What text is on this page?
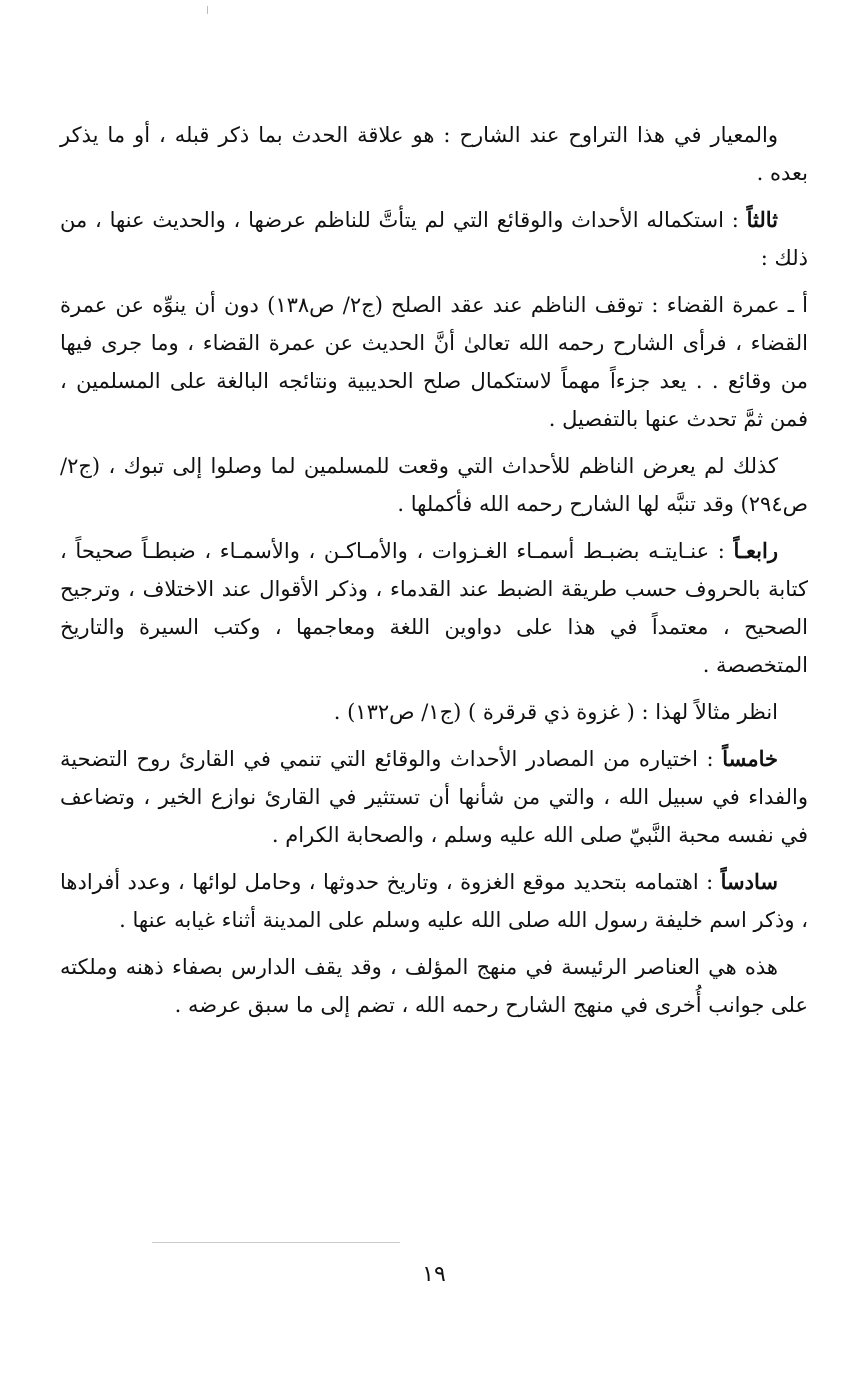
والمعيار في هذا التراوح عند الشارح : هو علاقة الحدث بما ذكر قبله ، أو ما يذكر بعده .

ثالثاً : استكماله الأحداث والوقائع التي لم يتأتَّ للناظم عرضها ، والحديث عنها ، من ذلك :

أ ـ عمرة القضاء : توقف الناظم عند عقد الصلح (ج٢/ ص١٣٨) دون أن ينوِّه عن عمرة القضاء ، فرأى الشارح رحمه الله تعالىٰ أنَّ الحديث عن عمرة القضاء ، وما جرى فيها من وقائع . . يعد جزءاً مهماً لاستكمال صلح الحديبية ونتائجه البالغة على المسلمين ، فمن ثمَّ تحدث عنها بالتفصيل .

كذلك لم يعرض الناظم للأحداث التي وقعت للمسلمين لما وصلوا إلى تبوك ، (ج٢/ ص٢٩٤) وقد تنبَّه لها الشارح رحمه الله فأكملها .

رابعـاً : عنـايتـه بضبـط أسمـاء الغـزوات ، والأمـاكـن ، والأسمـاء ، ضبطـاً صحيحاً ، كتابة بالحروف حسب طريقة الضبط عند القدماء ، وذكر الأقوال عند الاختلاف ، وترجيح الصحيح ، معتمداً في هذا على دواوين اللغة ومعاجمها ، وكتب السيرة والتاريخ المتخصصة .

انظر مثالاً لهذا : ( غزوة ذي قرقرة ) (ج١/ ص١٣٢) .

خامساً : اختياره من المصادر الأحداث والوقائع التي تنمي في القارئ روح التضحية والفداء في سبيل الله ، والتي من شأنها أن تستثير في القارئ نوازع الخير ، وتضاعف في نفسه محبة النَّبيّ صلى الله عليه وسلم ، والصحابة الكرام .

سادساً : اهتمامه بتحديد موقع الغزوة ، وتاريخ حدوثها ، وحامل لوائها ، وعدد أفرادها ، وذكر اسم خليفة رسول الله صلى الله عليه وسلم على المدينة أثناء غيابه عنها .

هذه هي العناصر الرئيسة في منهج المؤلف ، وقد يقف الدارس بصفاء ذهنه وملكته على جوانب أُخرى في منهج الشارح رحمه الله ، تضم إلى ما سبق عرضه .

١٩
